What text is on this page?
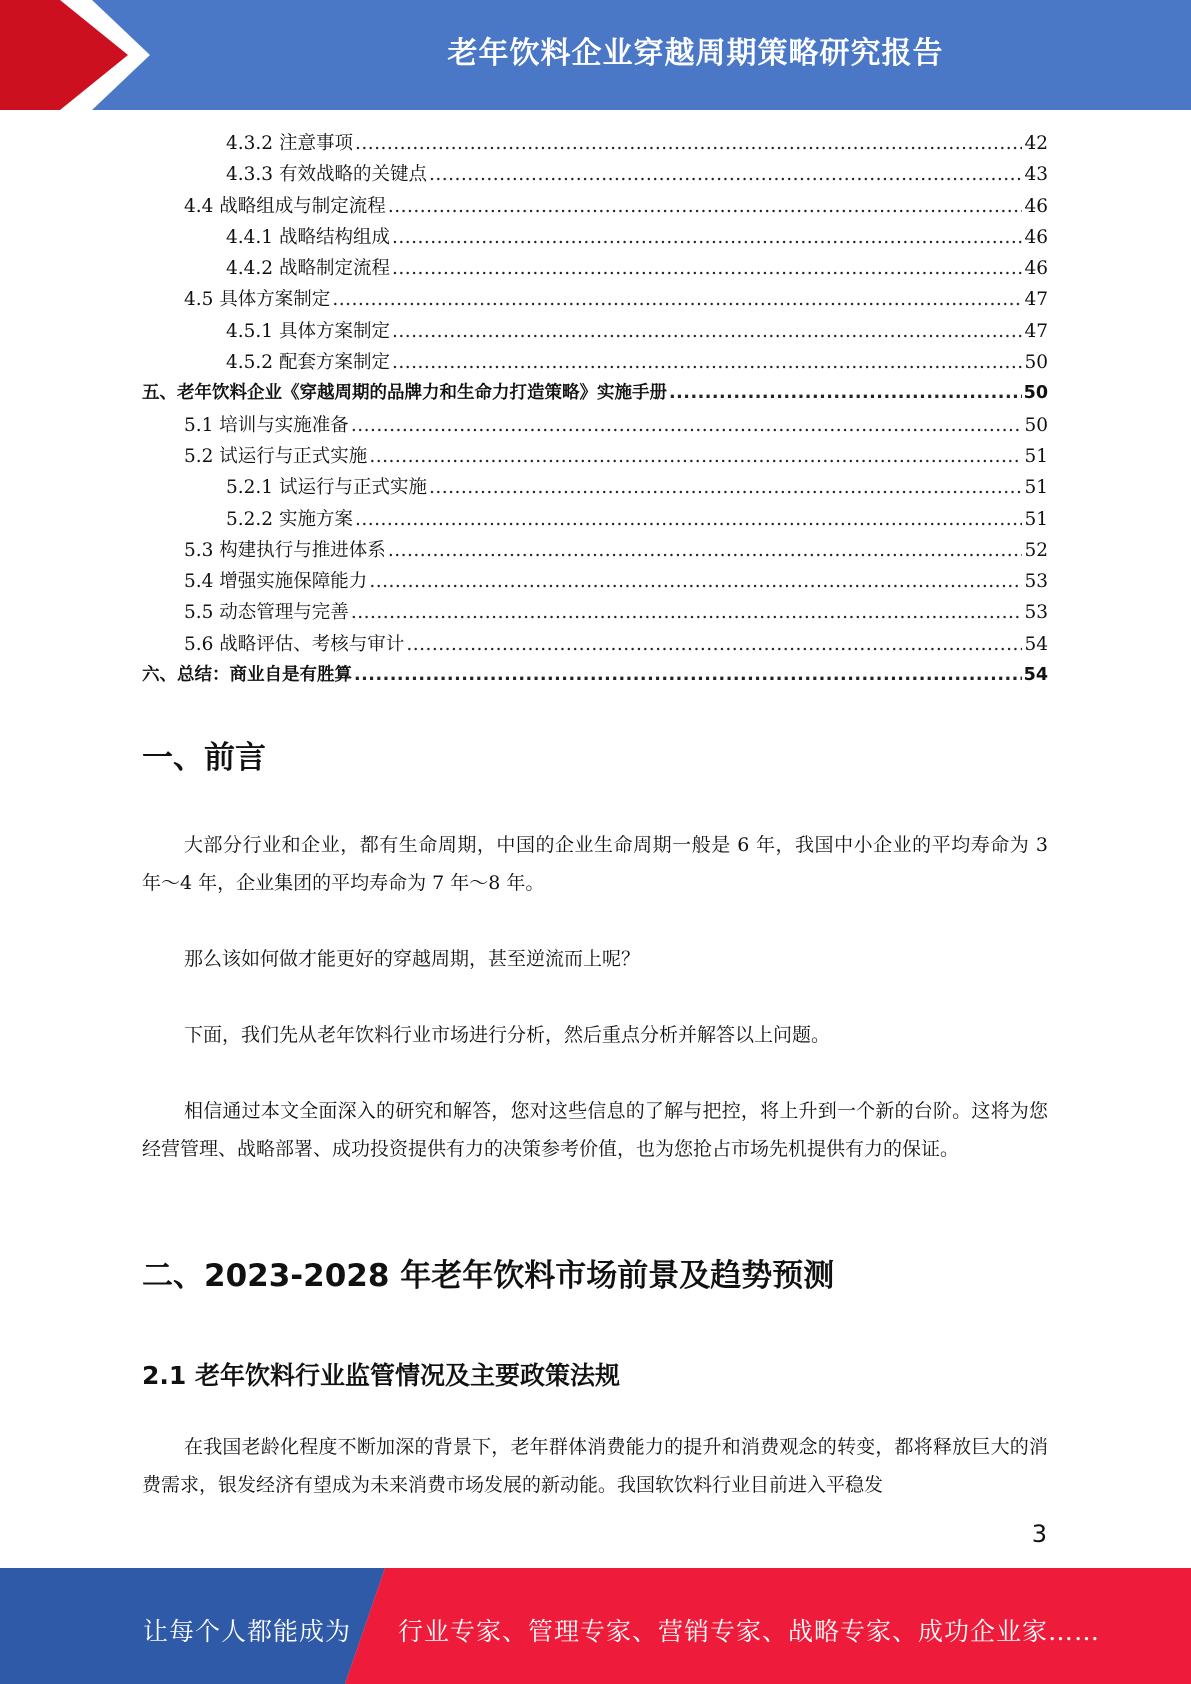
老年饮料企业穿越周期策略研究报告
4.3.2 注意事项 .....	42
4.3.3 有效战略的关键点 .....	43
4.4 战略组成与制定流程 .....	46
4.4.1 战略结构组成 .....	46
4.4.2 战略制定流程 .....	46
4.5 具体方案制定 .....	47
4.5.1 具体方案制定 .....	47
4.5.2 配套方案制定 .....	50
五、老年饮料企业《穿越周期的品牌力和生命力打造策略》实施手册 .....	50
5.1 培训与实施准备 .....	50
5.2 试运行与正式实施 .....	51
5.2.1 试运行与正式实施 .....	51
5.2.2 实施方案 .....	51
5.3 构建执行与推进体系 .....	52
5.4 增强实施保障能力 .....	53
5.5 动态管理与完善 .....	53
5.6 战略评估、考核与审计 .....	54
六、总结：商业自是有胜算 .....	54
一、前言

大部分行业和企业，都有生命周期，中国的企业生命周期一般是 6 年，我国中小企业的平均寿命为 3 年～4 年，企业集团的平均寿命为 7 年～8 年。

那么该如何做才能更好的穿越周期，甚至逆流而上呢？

下面，我们先从老年饮料行业市场进行分析，然后重点分析并解答以上问题。

相信通过本文全面深入的研究和解答，您对这些信息的了解与把控，将上升到一个新的台阶。这将为您经营管理、战略部署、成功投资提供有力的决策参考价值，也为您抢占市场先机提供有力的保证。

二、2023-2028 年老年饮料市场前景及趋势预测
2.1 老年饮料行业监管情况及主要政策法规

在我国老龄化程度不断加深的背景下，老年群体消费能力的提升和消费观念的转变，都将释放巨大的消费需求，银发经济有望成为未来消费市场发展的新动能。我国软饮料行业目前进入平稳发

3
让每个人都能成为 行业专家、管理专家、营销专家、战略专家、成功企业家……
